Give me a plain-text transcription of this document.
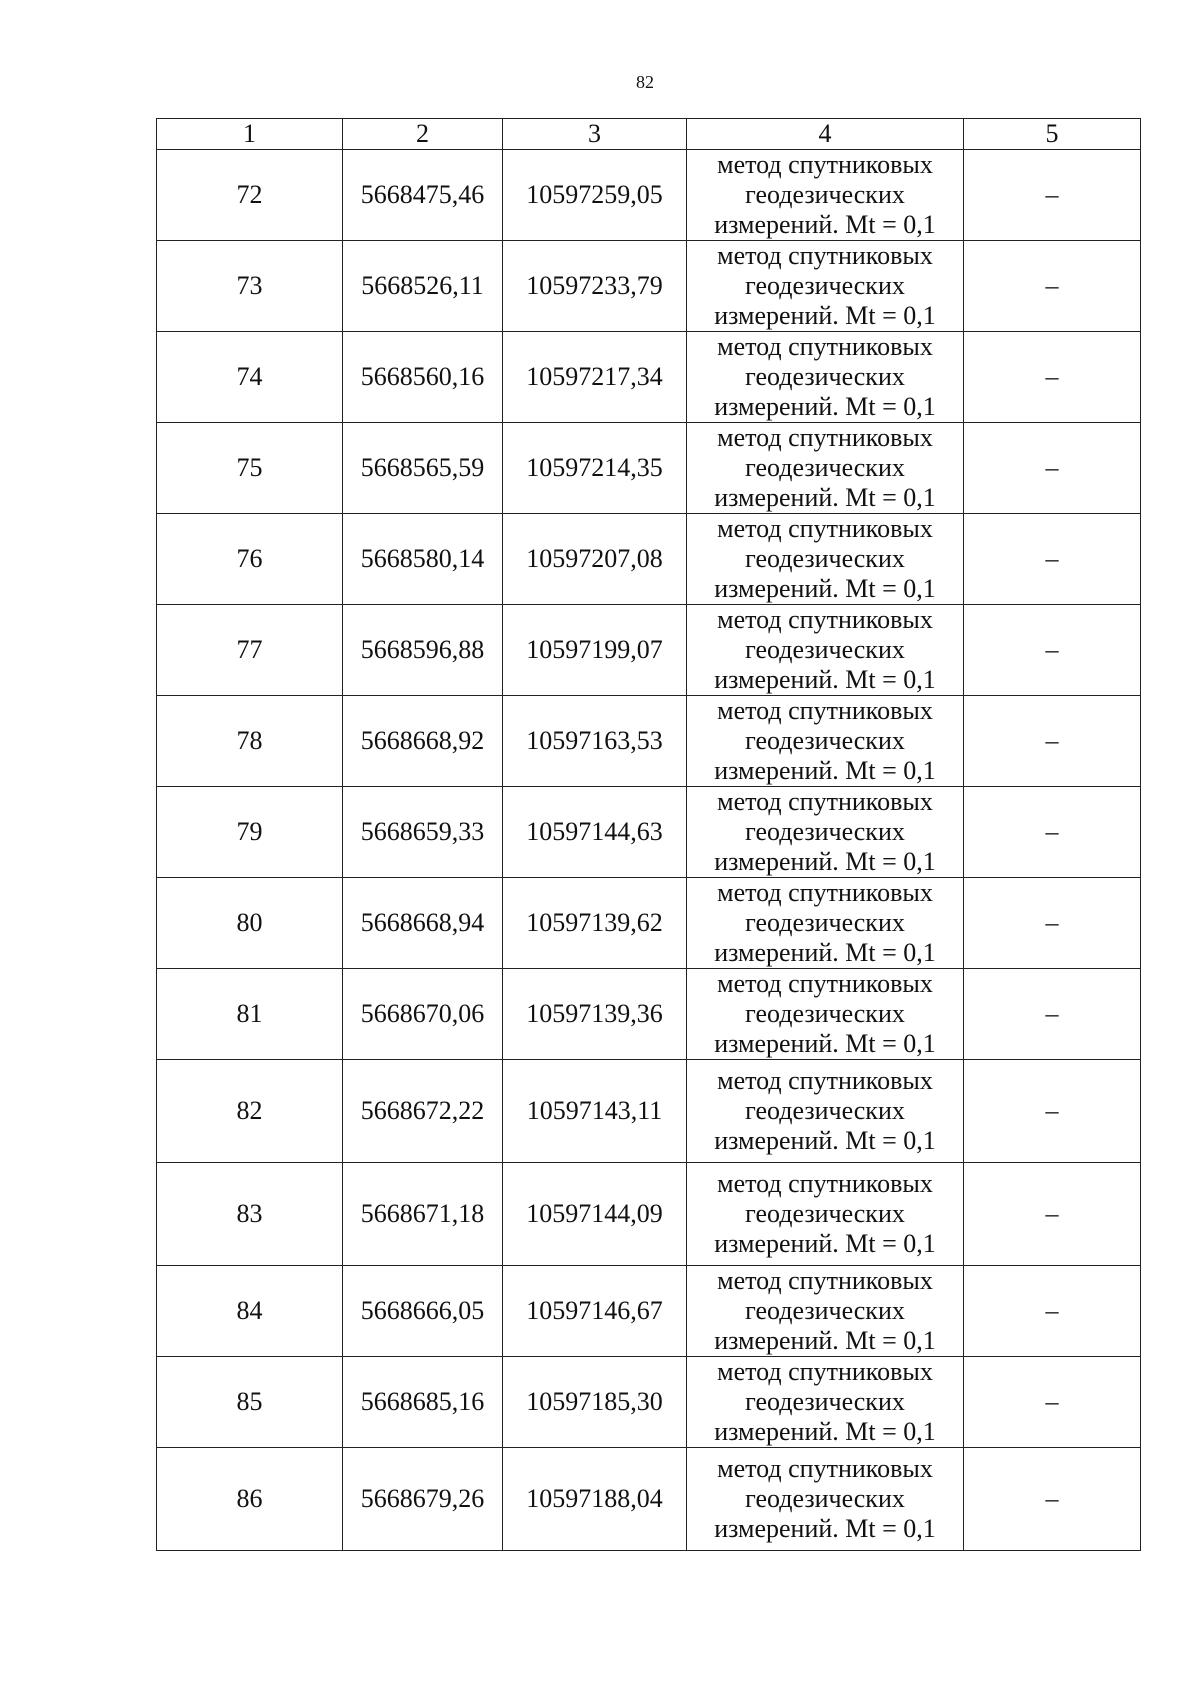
82
1	2	3	4	5
72	5668475,46	10597259,05	метод спутниковых
геодезических
измерений. Mt = 0,1	–
73	5668526,11	10597233,79	метод спутниковых
геодезических
измерений. Mt = 0,1	–
74	5668560,16	10597217,34	метод спутниковых
геодезических
измерений. Mt = 0,1	–
75	5668565,59	10597214,35	метод спутниковых
геодезических
измерений. Mt = 0,1	–
76	5668580,14	10597207,08	метод спутниковых
геодезических
измерений. Mt = 0,1	–
77	5668596,88	10597199,07	метод спутниковых
геодезических
измерений. Mt = 0,1	–
78	5668668,92	10597163,53	метод спутниковых
геодезических
измерений. Mt = 0,1	–
79	5668659,33	10597144,63	метод спутниковых
геодезических
измерений. Mt = 0,1	–
80	5668668,94	10597139,62	метод спутниковых
геодезических
измерений. Mt = 0,1	–
81	5668670,06	10597139,36	метод спутниковых
геодезических
измерений. Mt = 0,1	–
82	5668672,22	10597143,11	метод спутниковых
геодезических
измерений. Mt = 0,1	–
83	5668671,18	10597144,09	метод спутниковых
геодезических
измерений. Mt = 0,1	–
84	5668666,05	10597146,67	метод спутниковых
геодезических
измерений. Mt = 0,1	–
85	5668685,16	10597185,30	метод спутниковых
геодезических
измерений. Mt = 0,1	–
86	5668679,26	10597188,04	метод спутниковых
геодезических
измерений. Mt = 0,1	–
